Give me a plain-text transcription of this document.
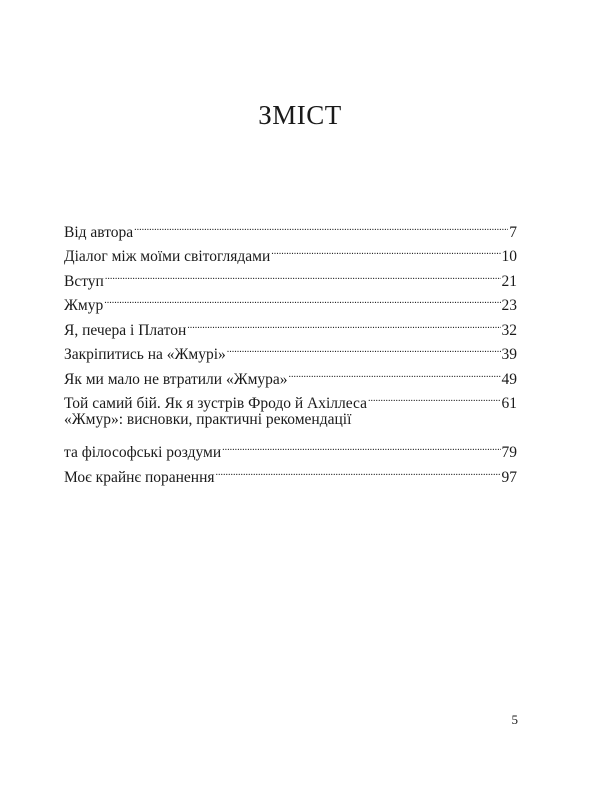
ЗМІСТ
Від автора .....	7
Діалог між моїми світоглядами .....	10
Вступ .....	21
Жмур .....	23
Я, печера і Платон .....	32
Закріпитись на «Жмурі» .....	39
Як ми мало не втратили «Жмура» .....	49
Той самий бій. Як я зустрів Фродо й Ахіллеса .....	61
«Жмур»: висновки, практичні рекомендації
та філософські роздуми .....	79
Моє крайнє поранення .....	97
5
